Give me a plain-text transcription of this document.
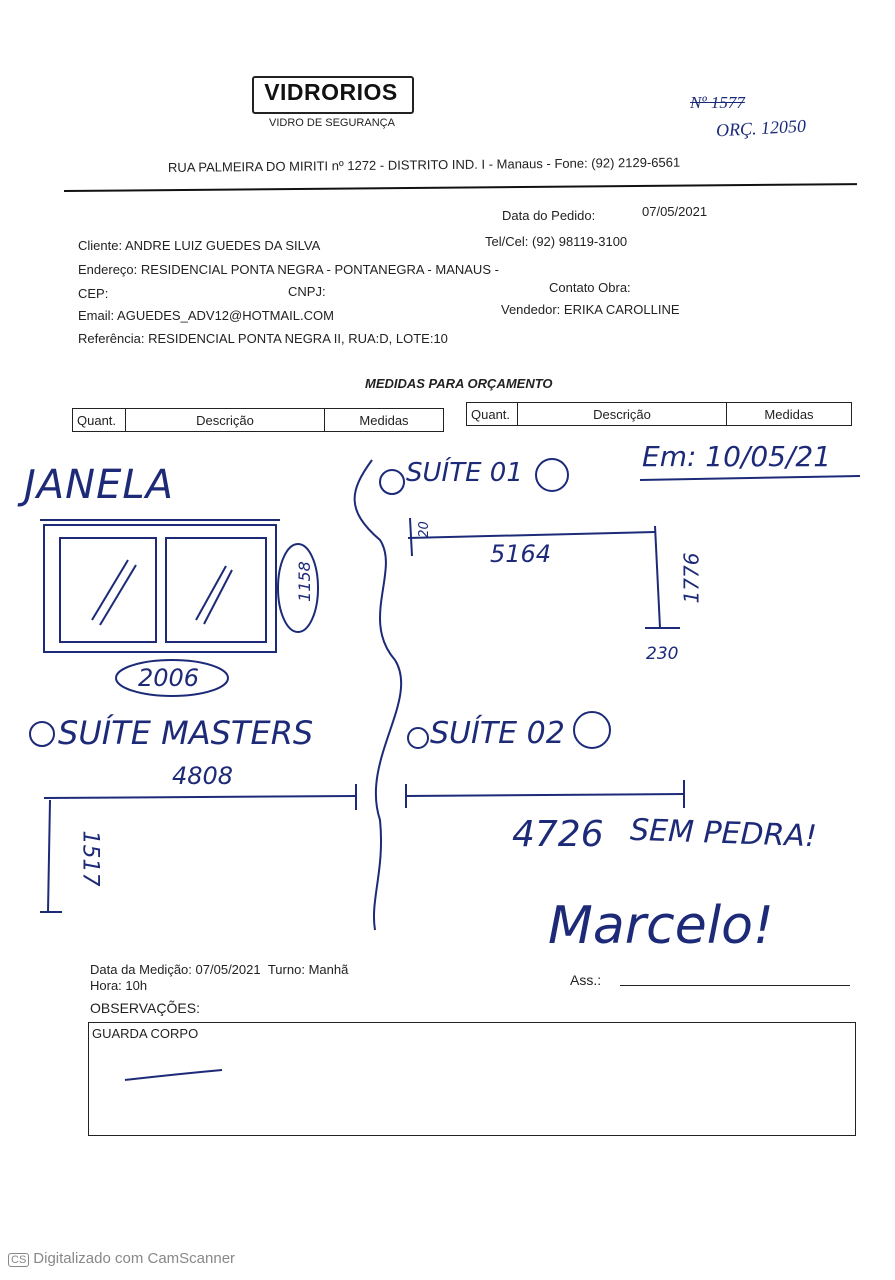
VIDRORIOS
VIDRO DE SEGURANÇA
Nº 1577
ORÇ. 12050
RUA PALMEIRA DO MIRITI nº 1272 - DISTRITO IND. I - Manaus - Fone: (92) 2129-6561
Data do Pedido:	07/05/2021
Cliente: ANDRE LUIZ GUEDES DA SILVA	Tel/Cel: (92) 98119-3100
Endereço: RESIDENCIAL PONTA NEGRA - PONTANEGRA - MANAUS -
CEP:	CNPJ:	Contato Obra:
Email: AGUEDES_ADV12@HOTMAIL.COM	Vendedor: ERIKA CAROLLINE
Referência: RESIDENCIAL PONTA NEGRA II, RUA:D, LOTE:10
MEDIDAS PARA ORÇAMENTO
Quant.	Descrição	Medidas	Quant.	Descrição	Medidas
JANELA
1158
2006
SUÍTE 01	Em: 10/05/21
20
5164	1776
230
SUÍTE MASTERS
4808
1517
SUÍTE 02
4726 SEM PEDRA!
Marcelo!
Data da Medição: 07/05/2021 Turno: Manhã
Hora: 10h	Ass.:
OBSERVAÇÕES:
GUARDA CORPO
CS Digitalizado com CamScanner
